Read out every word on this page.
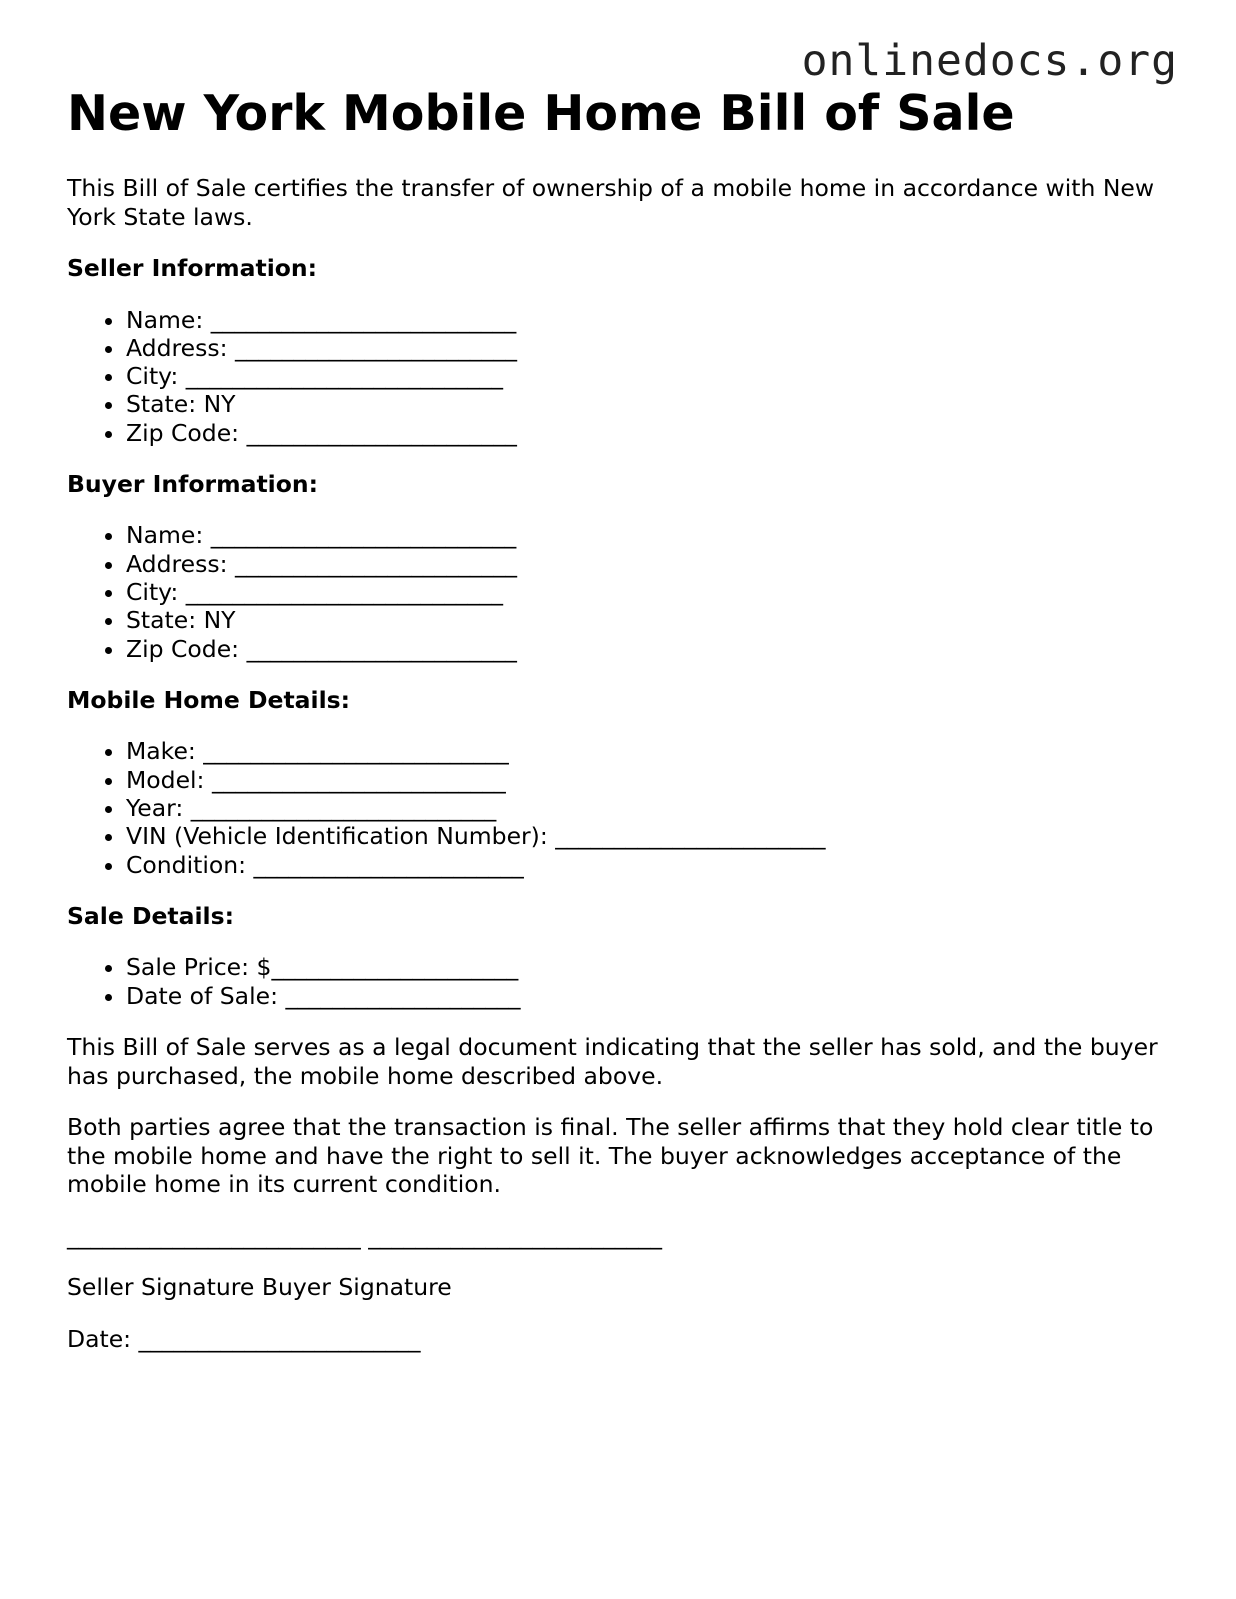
onlinedocs.org
New York Mobile Home Bill of Sale

This Bill of Sale certifies the transfer of ownership of a mobile home in accordance with New York State laws.

Seller Information:
• Name: __________________________
• Address: ________________________
• City: ___________________________
• State: NY
• Zip Code: _______________________
Buyer Information:
• Name: __________________________
• Address: ________________________
• City: ___________________________
• State: NY
• Zip Code: _______________________
Mobile Home Details:
• Make: __________________________
• Model: _________________________
• Year: __________________________
• VIN (Vehicle Identification Number): _______________________
• Condition: _______________________
Sale Details:
• Sale Price: $_____________________
• Date of Sale: ____________________

This Bill of Sale serves as a legal document indicating that the seller has sold, and the buyer has purchased, the mobile home described above.

Both parties agree that the transaction is final. The seller affirms that they hold clear title to the mobile home and have the right to sell it. The buyer acknowledges acceptance of the mobile home in its current condition.

_________________________ _________________________

Seller Signature Buyer Signature

Date: ________________________
